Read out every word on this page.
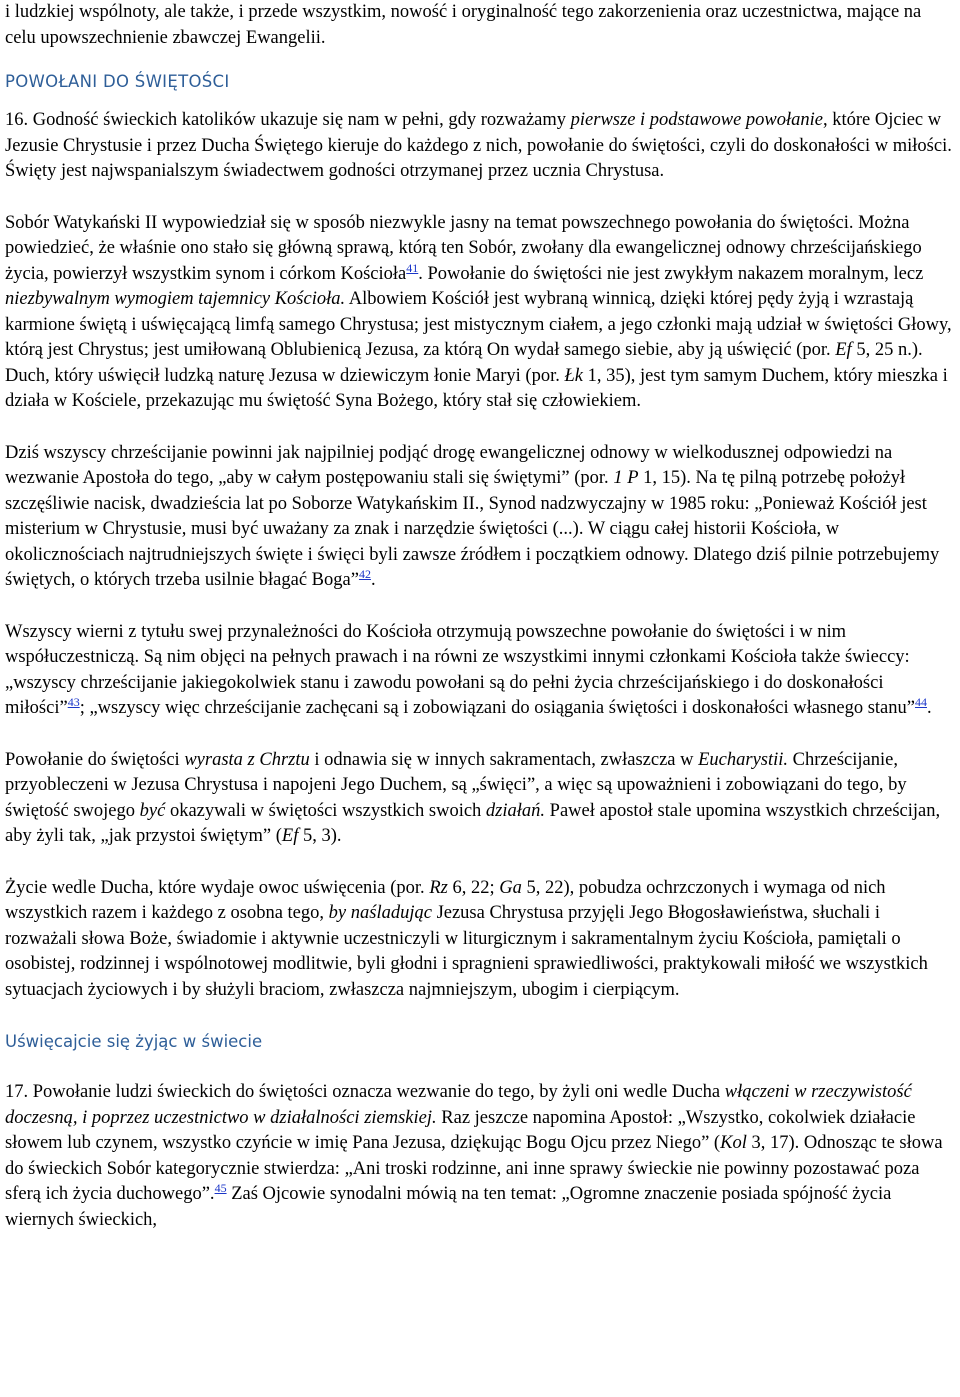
i ludzkiej wspólnoty, ale także, i przede wszystkim, nowość i oryginalność tego zakorzenienia oraz uczestnictwa, mające na celu upowszechnienie zbawczej Ewangelii.

POWOŁANI DO ŚWIĘTOŚCI

16. Godność świeckich katolików ukazuje się nam w pełni, gdy rozważamy pierwsze i podstawowe powołanie, które Ojciec w Jezusie Chrystusie i przez Ducha Świętego kieruje do każdego z nich, powołanie do świętości, czyli do doskonałości w miłości. Święty jest najwspanialszym świadectwem godności otrzymanej przez ucznia Chrystusa.

Sobór Watykański II wypowiedział się w sposób niezwykle jasny na temat powszechnego powołania do świętości. Można powiedzieć, że właśnie ono stało się główną sprawą, którą ten Sobór, zwołany dla ewangelicznej odnowy chrześcijańskiego życia, powierzył wszystkim synom i córkom Kościoła$^{41}$. Powołanie do świętości nie jest zwykłym nakazem moralnym, lecz niezbywalnym wymogiem tajemnicy Kościoła. Albowiem Kościół jest wybraną winnicą, dzięki której pędy żyją i wzrastają karmione świętą i uświęcającą limfą samego Chrystusa; jest mistycznym ciałem, a jego członki mają udział w świętości Głowy, którą jest Chrystus; jest umiłowaną Oblubienicą Jezusa, za którą On wydał samego siebie, aby ją uświęcić (por. Ef 5, 25 n.). Duch, który uświęcił ludzką naturę Jezusa w dziewiczym łonie Maryi (por. Łk 1, 35), jest tym samym Duchem, który mieszka i działa w Kościele, przekazując mu świętość Syna Bożego, który stał się człowiekiem.

Dziś wszyscy chrześcijanie powinni jak najpilniej podjąć drogę ewangelicznej odnowy w wielkodusznej odpowiedzi na wezwanie Apostoła do tego, „aby w całym postępowaniu stali się świętymi” (por. 1 P 1, 15). Na tę pilną potrzebę położył szczęśliwie nacisk, dwadzieścia lat po Soborze Watykańskim II., Synod nadzwyczajny w 1985 roku: „Ponieważ Kościół jest misterium w Chrystusie, musi być uważany za znak i narzędzie świętości (...). W ciągu całej historii Kościoła, w okolicznościach najtrudniejszych święte i święci byli zawsze źródłem i początkiem odnowy. Dlatego dziś pilnie potrzebujemy świętych, o których trzeba usilnie błagać Boga”$^{42}$.

Wszyscy wierni z tytułu swej przynależności do Kościoła otrzymują powszechne powołanie do świętości i w nim współuczestniczą. Są nim objęci na pełnych prawach i na równi ze wszystkimi innymi członkami Kościoła także świeccy: „wszyscy chrześcijanie jakiegokolwiek stanu i zawodu powołani są do pełni życia chrześcijańskiego i do doskonałości miłości”$^{43}$; „wszyscy więc chrześcijanie zachęcani są i zobowiązani do osiągania świętości i doskonałości własnego stanu”$^{44}$.

Powołanie do świętości wyrasta z Chrztu i odnawia się w innych sakramentach, zwłaszcza w Eucharystii. Chrześcijanie, przyobleczeni w Jezusa Chrystusa i napojeni Jego Duchem, są „święci”, a więc są upoważnieni i zobowiązani do tego, by świętość swojego być okazywali w świętości wszystkich swoich działań. Paweł apostoł stale upomina wszystkich chrześcijan, aby żyli tak, „jak przystoi świętym” (Ef 5, 3).

Życie wedle Ducha, które wydaje owoc uświęcenia (por. Rz 6, 22; Ga 5, 22), pobudza ochrzczonych i wymaga od nich wszystkich razem i każdego z osobna tego, by naśladując Jezusa Chrystusa przyjęli Jego Błogosławieństwa, słuchali i rozważali słowa Boże, świadomie i aktywnie uczestniczyli w liturgicznym i sakramentalnym życiu Kościoła, pamiętali o osobistej, rodzinnej i wspólnotowej modlitwie, byli głodni i spragnieni sprawiedliwości, praktykowali miłość we wszystkich sytuacjach życiowych i by służyli braciom, zwłaszcza najmniejszym, ubogim i cierpiącym.

Uświęcajcie się żyjąc w świecie

17. Powołanie ludzi świeckich do świętości oznacza wezwanie do tego, by żyli oni wedle Ducha włączeni w rzeczywistość doczesną, i poprzez uczestnictwo w działalności ziemskiej. Raz jeszcze napomina Apostoł: „Wszystko, cokolwiek działacie słowem lub czynem, wszystko czyńcie w imię Pana Jezusa, dziękując Bogu Ojcu przez Niego” (Kol 3, 17). Odnosząc te słowa do świeckich Sobór kategorycznie stwierdza: „Ani troski rodzinne, ani inne sprawy świeckie nie powinny pozostawać poza sferą ich życia duchowego”.$^{45}$ Zaś Ojcowie synodalni mówią na ten temat: „Ogromne znaczenie posiada spójność życia wiernych świeckich,
